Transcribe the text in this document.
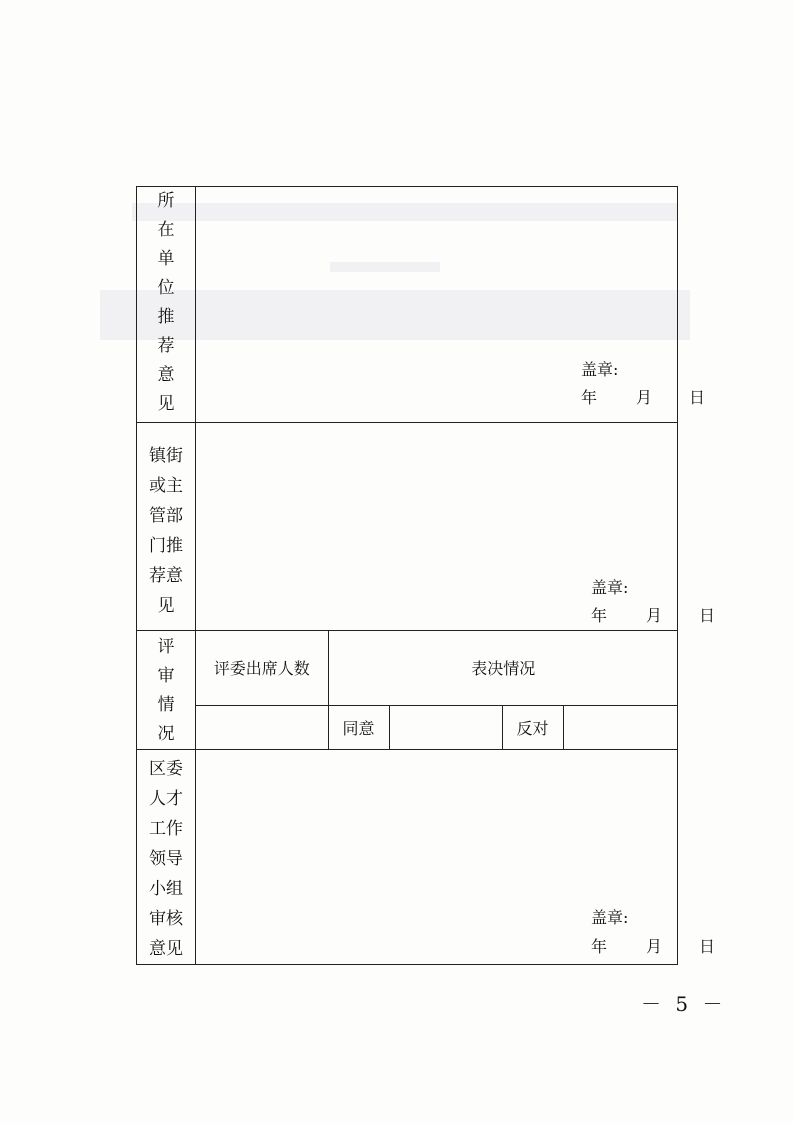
所
在
单
位
推
荐
意
见

盖章:
年 月 日

镇街
或主
管部
门推
荐意
见

盖章:
年 月 日

评
审
情
况

评委出席人数	表决情况
	同意		反对	

区委
人才
工作
领导
小组
审核
意见

盖章:
年 月 日
－ 5 －
